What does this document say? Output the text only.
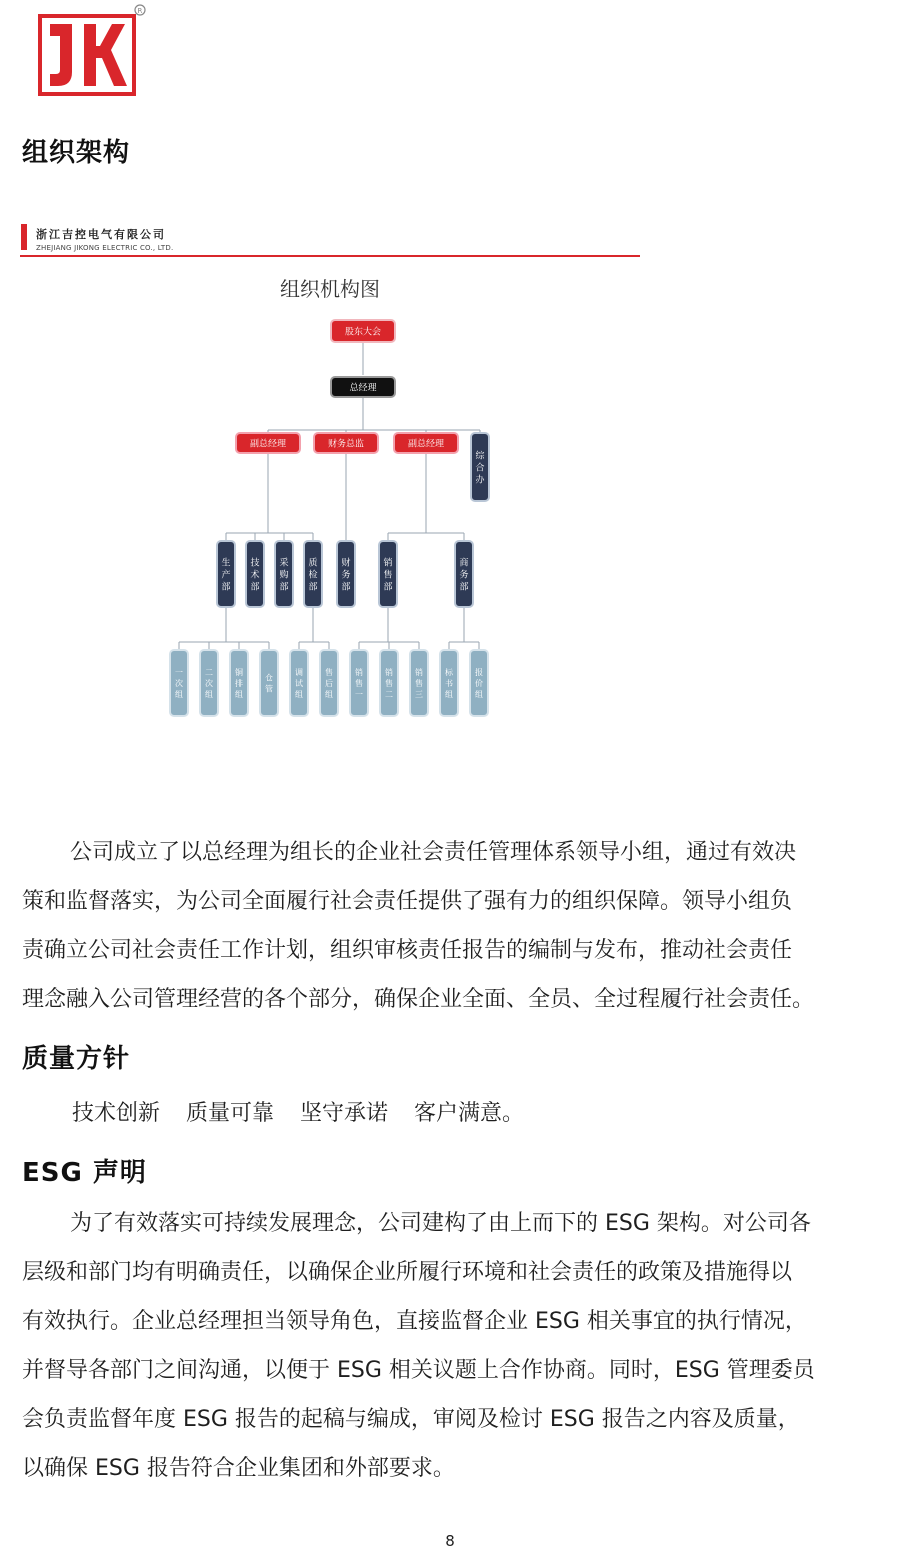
R
组织架构
浙江吉控电气有限公司
ZHEJIANG JIKONG ELECTRIC CO., LTD.
组织机构图
股东大会
总经理
副总经理	财务总监	副总经理
综合办
生产部
技术部
采购部
质检部
财务部
销售部
商务部
一次组
二次组
铜排组
仓管
调试组
售后组
销售一
销售二
销售三
标书组
报价组
公司成立了以总经理为组长的企业社会责任管理体系领导小组，通过有效决
策和监督落实，为公司全面履行社会责任提供了强有力的组织保障。领导小组负
责确立公司社会责任工作计划，组织审核责任报告的编制与发布，推动社会责任
理念融入公司管理经营的各个部分，确保企业全面、全员、全过程履行社会责任。
质量方针
技术创新 质量可靠 坚守承诺 客户满意。
ESG 声明
为了有效落实可持续发展理念，公司建构了由上而下的 ESG 架构。对公司各
层级和部门均有明确责任，以确保企业所履行环境和社会责任的政策及措施得以
有效执行。企业总经理担当领导角色，直接监督企业 ESG 相关事宜的执行情况，
并督导各部门之间沟通，以便于 ESG 相关议题上合作协商。同时，ESG 管理委员
会负责监督年度 ESG 报告的起稿与编成，审阅及检讨 ESG 报告之内容及质量，
以确保 ESG 报告符合企业集团和外部要求。
8
